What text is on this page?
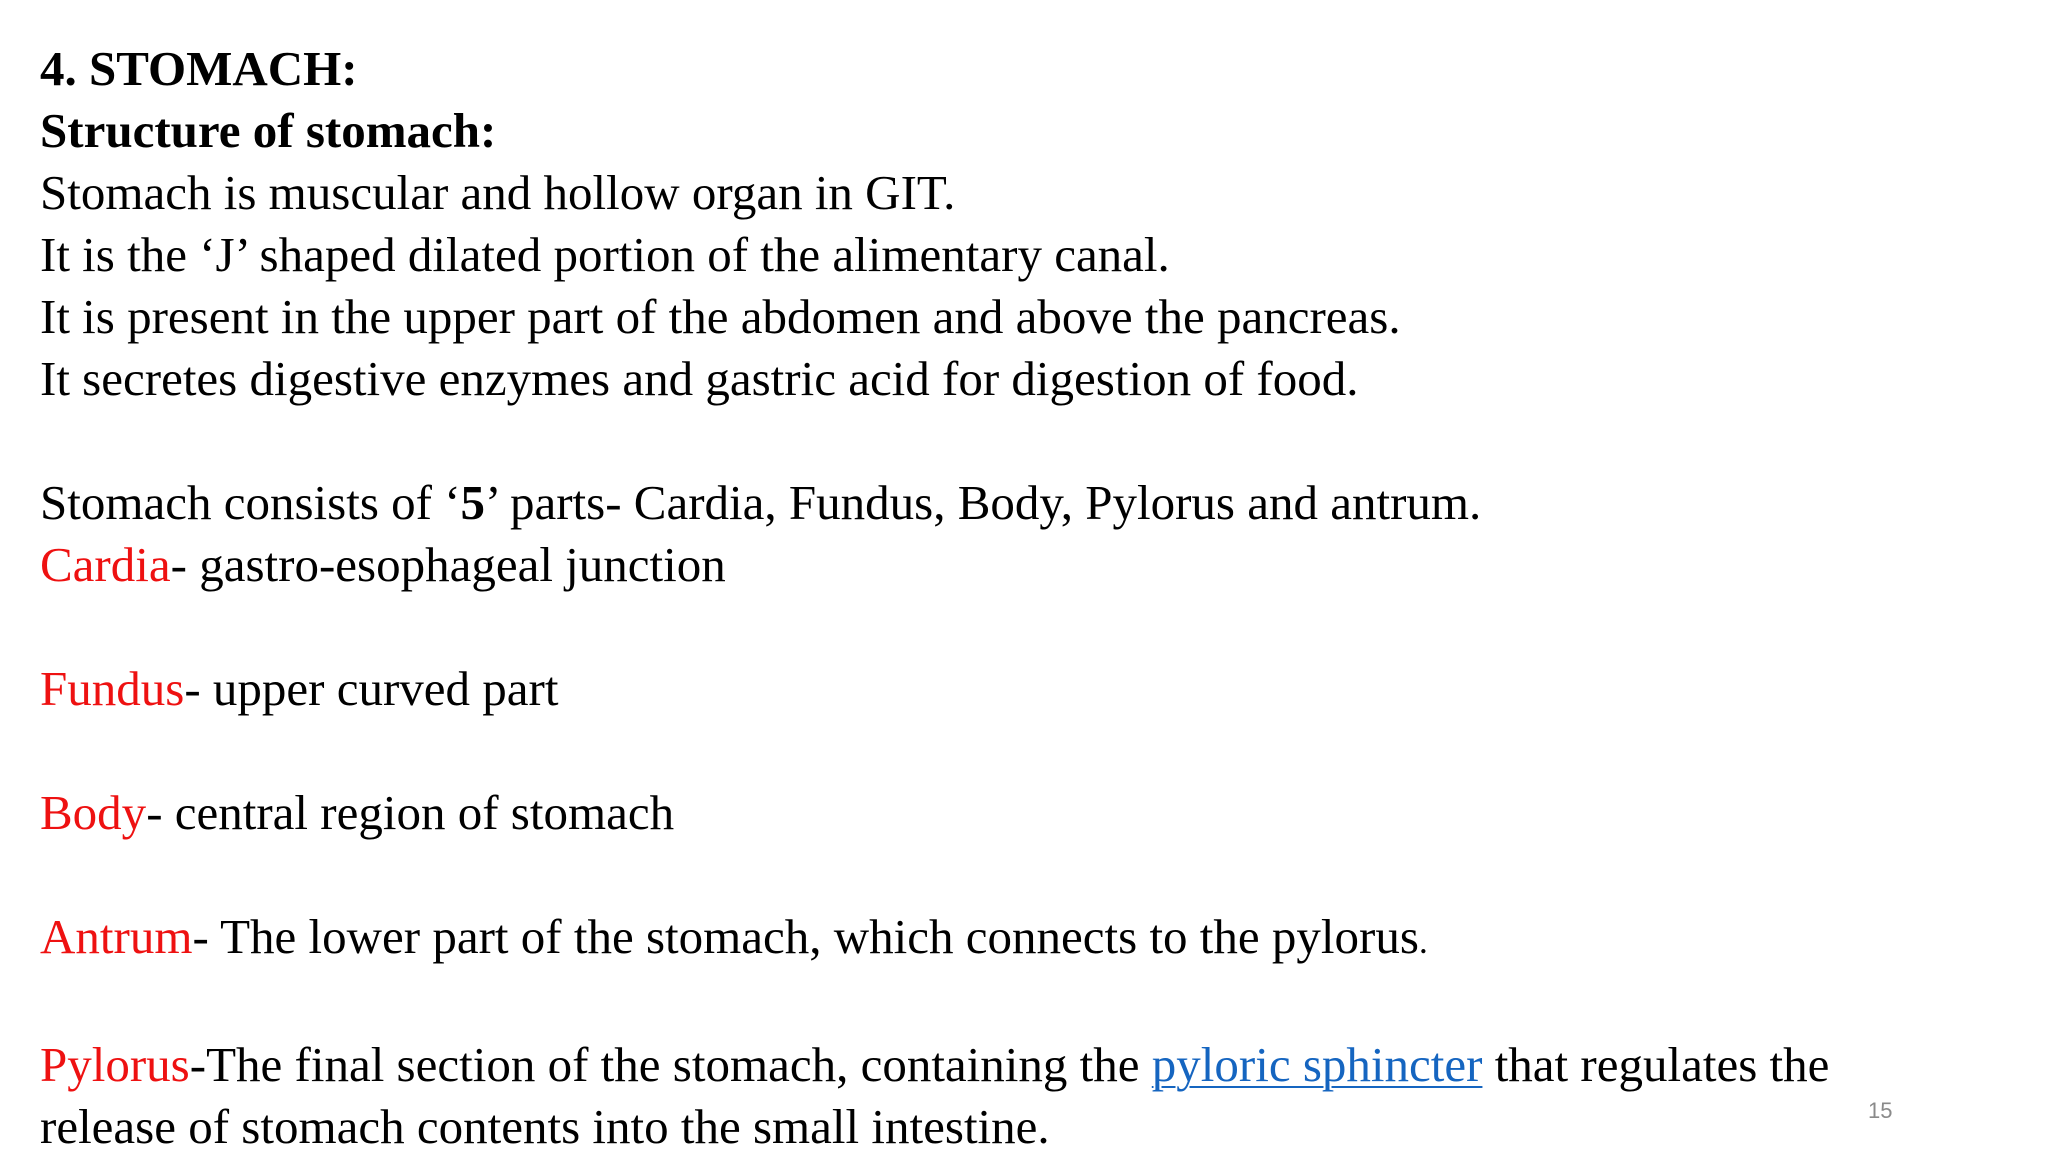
4. STOMACH:
Structure of stomach:
Stomach is muscular and hollow organ in GIT.
It is the ‘J’ shaped dilated portion of the alimentary canal.
It is present in the upper part of the abdomen and above the pancreas.
It secretes digestive enzymes and gastric acid for digestion of food.
Stomach consists of ‘5’ parts- Cardia, Fundus, Body, Pylorus and antrum.
Cardia- gastro-esophageal junction
Fundus- upper curved part
Body- central region of stomach
Antrum- The lower part of the stomach, which connects to the pylorus.
Pylorus-The final section of the stomach, containing the pyloric sphincter that regulates the
release of stomach contents into the small intestine.	15
